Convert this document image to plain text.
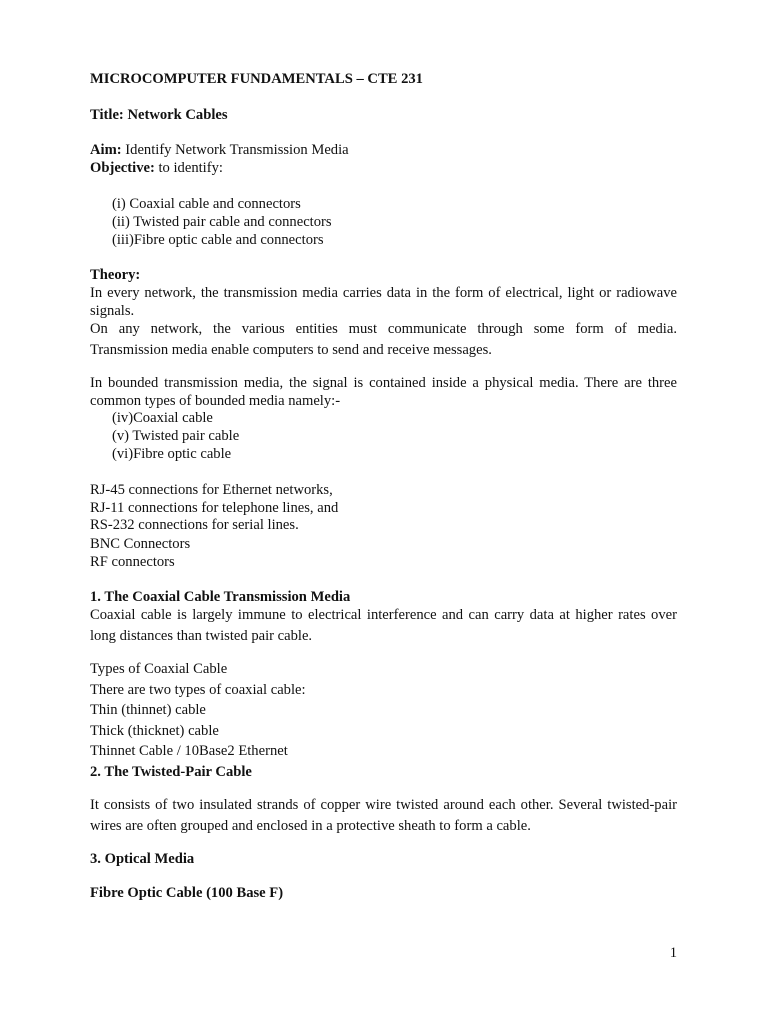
MICROCOMPUTER FUNDAMENTALS – CTE 231
Title: Network Cables
Aim: Identify Network Transmission Media
Objective: to identify:
(i) Coaxial cable and connectors
(ii) Twisted pair cable and connectors
(iii)Fibre optic cable and connectors
Theory:
In every network, the transmission media carries data in the form of electrical, light or radiowave
signals.
On any network, the various entities must communicate through some form of media.
Transmission media enable computers to send and receive messages.
In bounded transmission media, the signal is contained inside a physical media. There are three
common types of bounded media namely:-
(iv)Coaxial cable
(v) Twisted pair cable
(vi)Fibre optic cable
RJ-45 connections for Ethernet networks,
RJ-11 connections for telephone lines, and
RS-232 connections for serial lines.
BNC Connectors
RF connectors
1. The Coaxial Cable Transmission Media
Coaxial cable is largely immune to electrical interference and can carry data at higher rates over
long distances than twisted pair cable.
Types of Coaxial Cable
There are two types of coaxial cable:
Thin (thinnet) cable
Thick (thicknet) cable
Thinnet Cable / 10Base2 Ethernet
2. The Twisted-Pair Cable
It consists of two insulated strands of copper wire twisted around each other. Several twisted-pair
wires are often grouped and enclosed in a protective sheath to form a cable.
3. Optical Media
Fibre Optic Cable (100 Base F)
1
